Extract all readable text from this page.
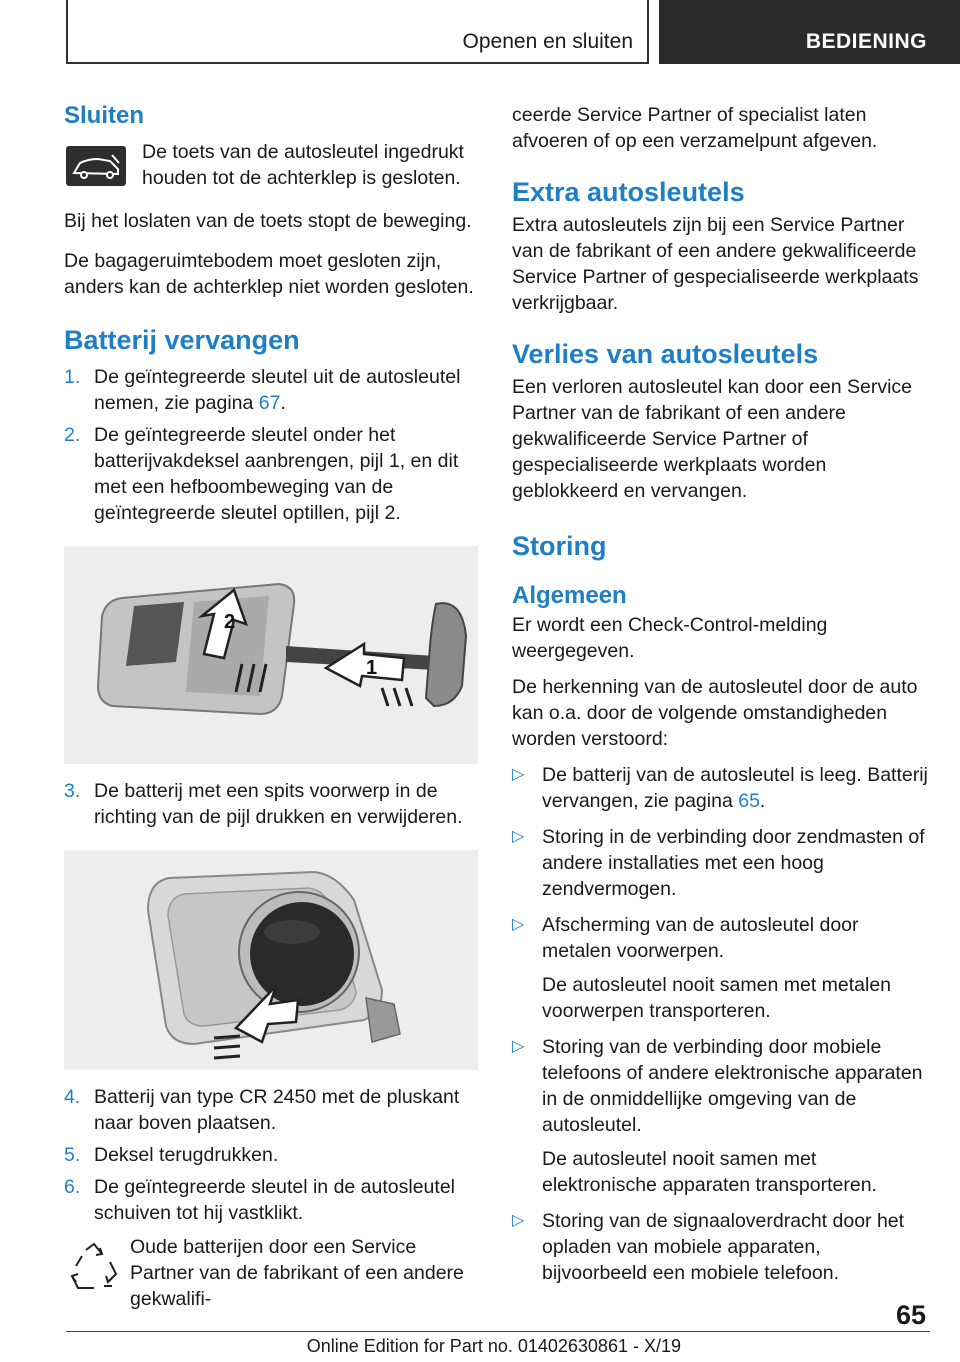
Openen en sluiten	BEDIENING
Sluiten

De toets van de autosleutel ingedrukt houden tot de achterklep is gesloten.

Bij het loslaten van de toets stopt de beweging.

De bagageruimtebodem moet gesloten zijn, anders kan de achterklep niet worden gesloten.

Batterij vervangen
1. De geïntegreerde sleutel uit de autosleutel nemen, zie pagina 67.
2. De geïntegreerde sleutel onder het batterijvakdeksel aanbrengen, pijl 1, en dit met een hefboombeweging van de geïntegreerde sleutel optillen, pijl 2.
2
1
3. De batterij met een spits voorwerp in de richting van de pijl drukken en verwijderen.
4. Batterij van type CR 2450 met de pluskant naar boven plaatsen.
5. Deksel terugdrukken.
6. De geïntegreerde sleutel in de autosleutel schuiven tot hij vastklikt.

Oude batterijen door een Service Partner van de fabrikant of een andere gekwalifi-

ceerde Service Partner of specialist laten afvoeren of op een verzamelpunt afgeven.

Extra autosleutels

Extra autosleutels zijn bij een Service Partner van de fabrikant of een andere gekwalificeerde Service Partner of gespecialiseerde werkplaats verkrijgbaar.

Verlies van autosleutels

Een verloren autosleutel kan door een Service Partner van de fabrikant of een andere gekwalificeerde Service Partner of gespecialiseerde werkplaats worden geblokkeerd en vervangen.

Storing
Algemeen

Er wordt een Check-Control-melding weergegeven.

De herkenning van de autosleutel door de auto kan o.a. door de volgende omstandigheden worden verstoord:

▷ De batterij van de autosleutel is leeg. Batterij vervangen, zie pagina 65.
▷ Storing in de verbinding door zendmasten of andere installaties met een hoog zendvermogen.
▷ Afscherming van de autosleutel door metalen voorwerpen.

De autosleutel nooit samen met metalen voorwerpen transporteren.

▷ Storing van de verbinding door mobiele telefoons of andere elektronische apparaten in de onmiddellijke omgeving van de autosleutel.

De autosleutel nooit samen met elektronische apparaten transporteren.

▷ Storing van de signaaloverdracht door het opladen van mobiele apparaten, bijvoorbeeld een mobiele telefoon.
65
Online Edition for Part no. 01402630861 - X/19
